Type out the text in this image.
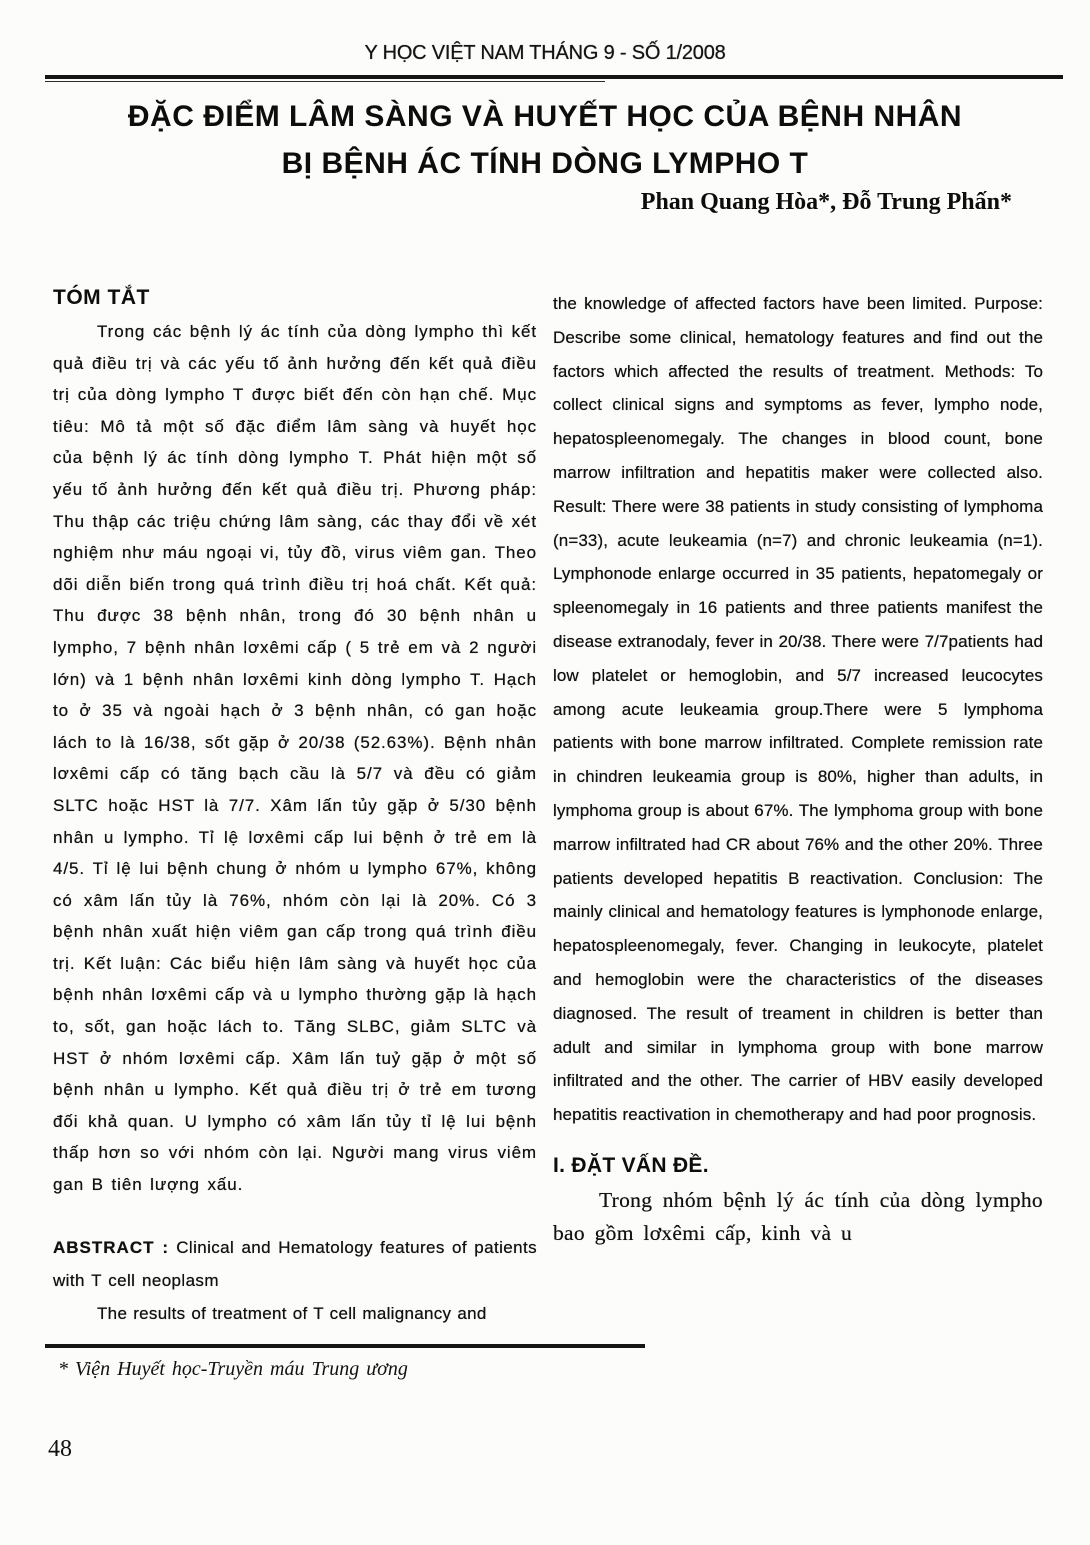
Y HỌC VIỆT NAM THÁNG 9 - SỐ 1/2008
ĐẶC ĐIỂM LÂM SÀNG VÀ HUYẾT HỌC CỦA BỆNH NHÂN
BỊ BỆNH ÁC TÍNH DÒNG LYMPHO T
Phan Quang Hòa*, Đỗ Trung Phấn*
TÓM TẮT

Trong các bệnh lý ác tính của dòng lympho thì kết quả điều trị và các yếu tố ảnh hưởng đến kết quả điều trị của dòng lympho T được biết đến còn hạn chế. Mục tiêu: Mô tả một số đặc điểm lâm sàng và huyết học của bệnh lý ác tính dòng lympho T. Phát hiện một số yếu tố ảnh hưởng đến kết quả điều trị. Phương pháp: Thu thập các triệu chứng lâm sàng, các thay đổi về xét nghiệm như máu ngoại vi, tủy đồ, virus viêm gan. Theo dõi diễn biến trong quá trình điều trị hoá chất. Kết quả: Thu được 38 bệnh nhân, trong đó 30 bệnh nhân u lympho, 7 bệnh nhân lơxêmi cấp ( 5 trẻ em và 2 người lớn) và 1 bệnh nhân lơxêmi kinh dòng lympho T. Hạch to ở 35 và ngoài hạch ở 3 bệnh nhân, có gan hoặc lách to là 16/38, sốt gặp ở 20/38 (52.63%). Bệnh nhân lơxêmi cấp có tăng bạch cầu là 5/7 và đều có giảm SLTC hoặc HST là 7/7. Xâm lấn tủy gặp ở 5/30 bệnh nhân u lympho. Tỉ lệ lơxêmi cấp lui bệnh ở trẻ em là 4/5. Tỉ lệ lui bệnh chung ở nhóm u lympho 67%, không có xâm lấn tủy là 76%, nhóm còn lại là 20%. Có 3 bệnh nhân xuất hiện viêm gan cấp trong quá trình điều trị. Kết luận: Các biểu hiện lâm sàng và huyết học của bệnh nhân lơxêmi cấp và u lympho thường gặp là hạch to, sốt, gan hoặc lách to. Tăng SLBC, giảm SLTC và HST ở nhóm lơxêmi cấp. Xâm lấn tuỷ gặp ở một số bệnh nhân u lympho. Kết quả điều trị ở trẻ em tương đối khả quan. U lympho có xâm lấn tủy tỉ lệ lui bệnh thấp hơn so với nhóm còn lại. Người mang virus viêm gan B tiên lượng xấu.

ABSTRACT : Clinical and Hematology features of patients with T cell neoplasm

The results of treatment of T cell malignancy and

the knowledge of affected factors have been limited. Purpose: Describe some clinical, hematology features and find out the factors which affected the results of treatment. Methods: To collect clinical signs and symptoms as fever, lympho node, hepatospleenomegaly. The changes in blood count, bone marrow infiltration and hepatitis maker were collected also. Result: There were 38 patients in study consisting of lymphoma (n=33), acute leukeamia (n=7) and chronic leukeamia (n=1). Lymphonode enlarge occurred in 35 patients, hepatomegaly or spleenomegaly in 16 patients and three patients manifest the disease extranodaly, fever in 20/38. There were 7/7patients had low platelet or hemoglobin, and 5/7 increased leucocytes among acute leukeamia group.There were 5 lymphoma patients with bone marrow infiltrated. Complete remission rate in chindren leukeamia group is 80%, higher than adults, in lymphoma group is about 67%. The lymphoma group with bone marrow infiltrated had CR about 76% and the other 20%. Three patients developed hepatitis B reactivation. Conclusion: The mainly clinical and hematology features is lymphonode enlarge, hepatospleenomegaly, fever. Changing in leukocyte, platelet and hemoglobin were the characteristics of the diseases diagnosed. The result of treament in children is better than adult and similar in lymphoma group with bone marrow infiltrated and the other. The carrier of HBV easily developed hepatitis reactivation in chemotherapy and had poor prognosis.

I. ĐẶT VẤN ĐỀ.

Trong nhóm bệnh lý ác tính của dòng lympho bao gồm lơxêmi cấp, kinh và u

* Viện Huyết học-Truyền máu Trung ương
48
